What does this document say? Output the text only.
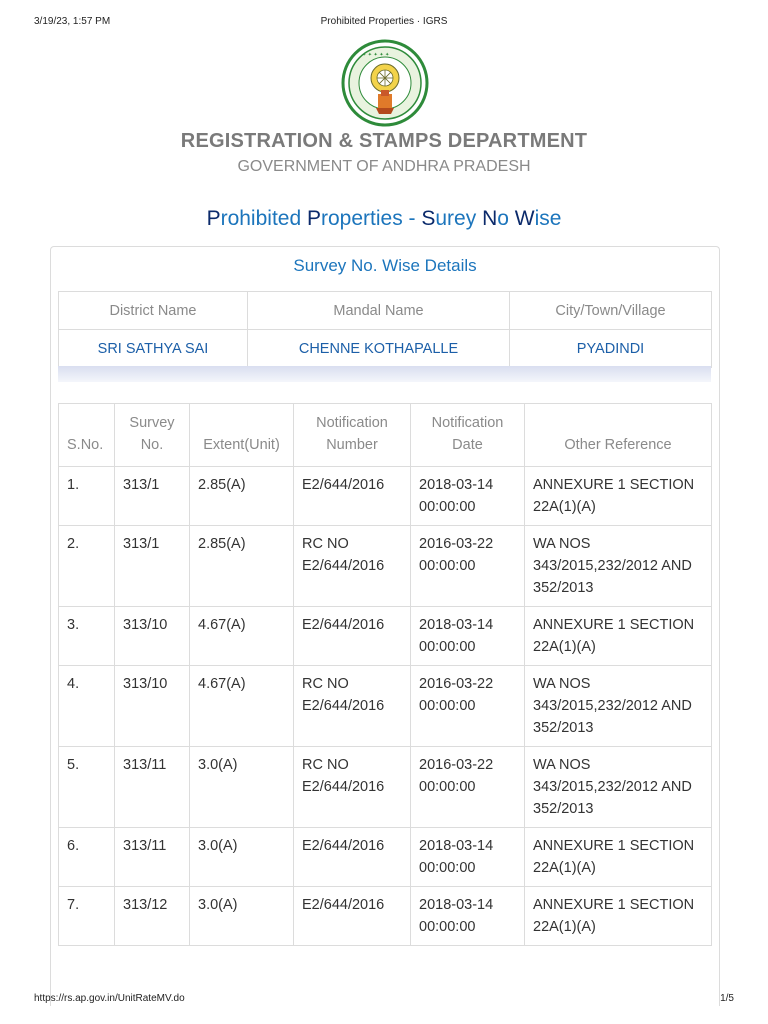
3/19/23, 1:57 PM	Prohibited Properties · IGRS
✦ ✦ ✦ ✦ ✦
REGISTRATION & STAMPS DEPARTMENT
GOVERNMENT OF ANDHRA PRADESH
Prohibited Properties - Surey No Wise
Survey No. Wise Details
District Name	Mandal Name	City/Town/Village
SRI SATHYA SAI	CHENNE KOTHAPALLE	PYADINDI
S.No.	Survey No.	Extent(Unit)	Notification Number	Notification Date	Other Reference
1.	313/1	2.85(A)	E2/644/2016	2018-03-14 00:00:00	ANNEXURE 1 SECTION 22A(1)(A)
2.	313/1	2.85(A)	RC NO E2/644/2016	2016-03-22 00:00:00	WA NOS 343/2015,232/2012 AND 352/2013
3.	313/10	4.67(A)	E2/644/2016	2018-03-14 00:00:00	ANNEXURE 1 SECTION 22A(1)(A)
4.	313/10	4.67(A)	RC NO E2/644/2016	2016-03-22 00:00:00	WA NOS 343/2015,232/2012 AND 352/2013
5.	313/11	3.0(A)	RC NO E2/644/2016	2016-03-22 00:00:00	WA NOS 343/2015,232/2012 AND 352/2013
6.	313/11	3.0(A)	E2/644/2016	2018-03-14 00:00:00	ANNEXURE 1 SECTION 22A(1)(A)
7.	313/12	3.0(A)	E2/644/2016	2018-03-14 00:00:00	ANNEXURE 1 SECTION 22A(1)(A)
https://rs.ap.gov.in/UnitRateMV.do	1/5
